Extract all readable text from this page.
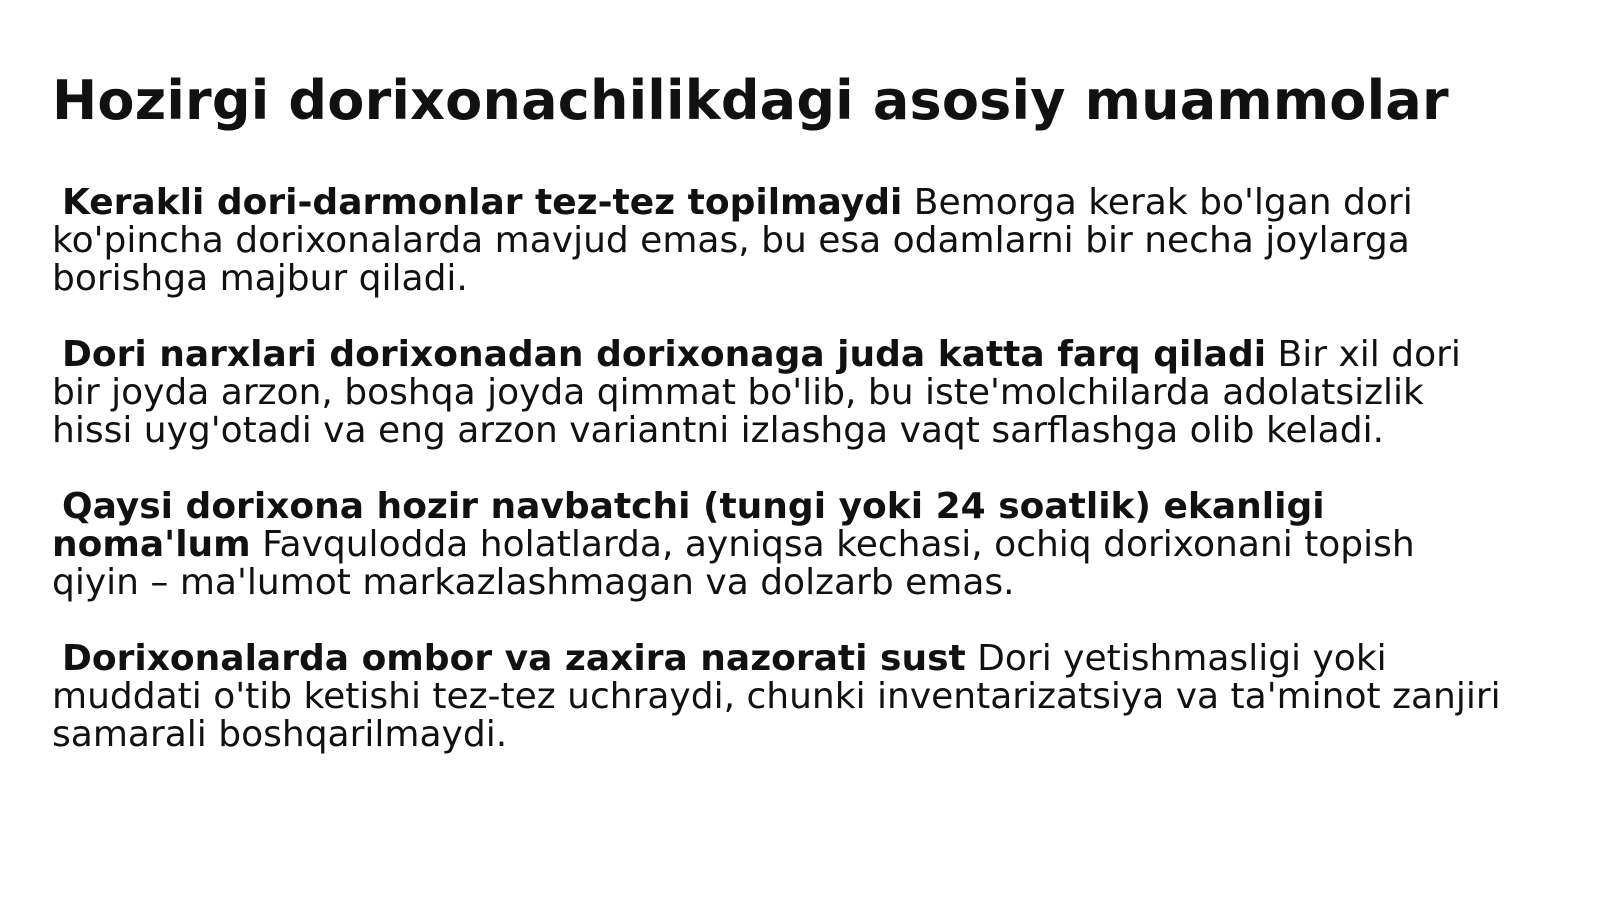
Hozirgi dorixonachilikdagi asosiy muammolar

Kerakli dori-darmonlar tez-tez topilmaydi Bemorga kerak bo'lgan dori ko'pincha dorixonalarda mavjud emas, bu esa odamlarni bir necha joylarga borishga majbur qiladi.

Dori narxlari dorixonadan dorixonaga juda katta farq qiladi Bir xil dori bir joyda arzon, boshqa joyda qimmat bo'lib, bu iste'molchilarda adolatsizlik hissi uyg'otadi va eng arzon variantni izlashga vaqt sarflashga olib keladi.

Qaysi dorixona hozir navbatchi (tungi yoki 24 soatlik) ekanligi noma'lum Favqulodda holatlarda, ayniqsa kechasi, ochiq dorixonani topish qiyin – ma'lumot markazlashmagan va dolzarb emas.

Dorixonalarda ombor va zaxira nazorati sust Dori yetishmasligi yoki muddati o'tib ketishi tez-tez uchraydi, chunki inventarizatsiya va ta'minot zanjiri samarali boshqarilmaydi.
